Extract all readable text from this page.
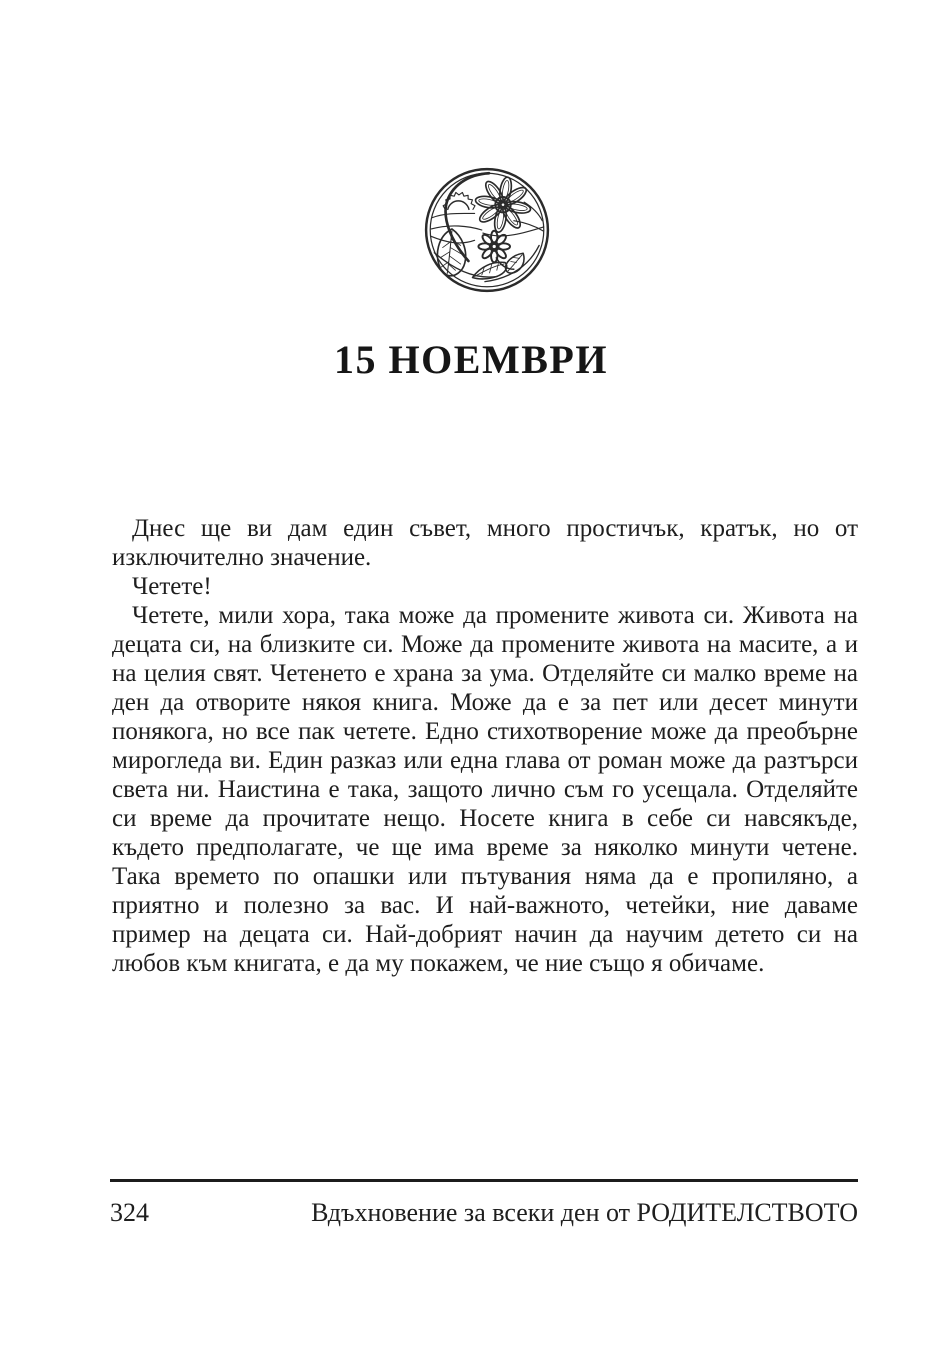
15 НОЕМВРИ

Днес ще ви дам един съвет, много простичък, кратък, но от изключително значение.

Четете!

Четете, мили хора, така може да промените живота си. Живота на децата си, на близките си. Може да промените живота на масите, а и на целия свят. Четенето е храна за ума. Отделяйте си малко време на ден да отворите някоя книга. Може да е за пет или десет минути понякога, но все пак четете. Едно стихотворение може да преобърне мирогледа ви. Един разказ или една глава от роман може да разтърси света ни. Наистина е така, защото лично съм го усещала. Отделяйте си време да прочитате нещо. Носете книга в себе си навсякъде, където предполагате, че ще има време за няколко минути четене. Така времето по опашки или пътувания няма да е пропиляно, а приятно и полезно за вас. И най-важното, четейки, ние даваме пример на децата си. Най-добрият начин да научим детето си на любов към книгата, е да му покажем, че ние също я обичаме.

324	Вдъхновение за всеки ден от РОДИТЕЛСТВОТО
